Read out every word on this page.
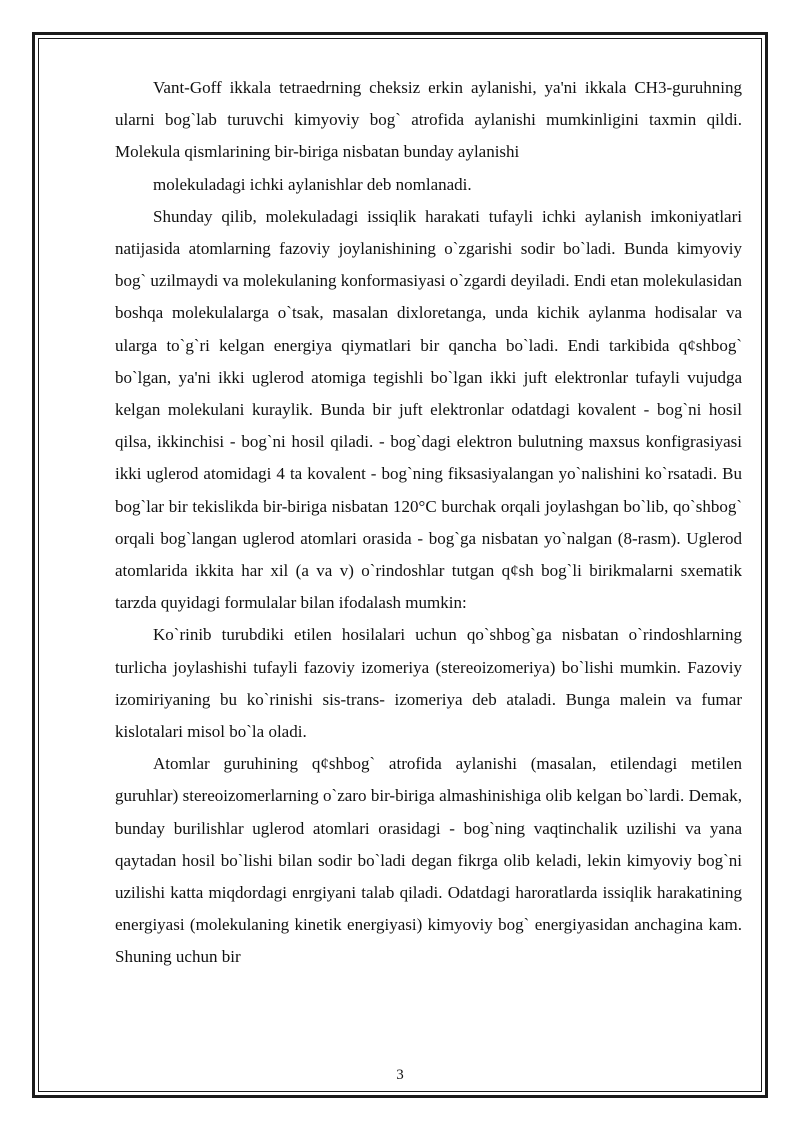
Vant-Goff ikkala tetraedrning cheksiz erkin aylanishi, ya'ni ikkala CH3-guruhning ularni bog`lab turuvchi kimyoviy bog` atrofida aylanishi mumkinligini taxmin qildi. Molekula qismlarining bir-biriga nisbatan bunday aylanishi

molekuladagi ichki aylanishlar deb nomlanadi.

Shunday qilib, molekuladagi issiqlik harakati tufayli ichki aylanish imkoniyatlari natijasida atomlarning fazoviy joylanishining o`zgarishi sodir bo`ladi. Bunda kimyoviy bog` uzilmaydi va molekulaning konformasiyasi o`zgardi deyiladi. Endi etan molekulasidan boshqa molekulalarga o`tsak, masalan dixloretanga, unda kichik aylanma hodisalar va ularga to`g`ri kelgan energiya qiymatlari bir qancha bo`ladi. Endi tarkibida q¢shbog` bo`lgan, ya'ni ikki uglerod atomiga tegishli bo`lgan ikki juft elektronlar tufayli vujudga kelgan molekulani kuraylik. Bunda bir juft elektronlar odatdagi kovalent - bog`ni hosil qilsa, ikkinchisi - bog`ni hosil qiladi. - bog`dagi elektron bulutning maxsus konfigrasiyasi ikki uglerod atomidagi 4 ta kovalent - bog`ning fiksasiyalangan yo`nalishini ko`rsatadi. Bu bog`lar bir tekislikda bir-biriga nisbatan 120°C burchak orqali joylashgan bo`lib, qo`shbog` orqali bog`langan uglerod atomlari orasida - bog`ga nisbatan yo`nalgan (8-rasm). Uglerod atomlarida ikkita har xil (a va v) o`rindoshlar tutgan q¢sh bog`li birikmalarni sxematik tarzda quyidagi formulalar bilan ifodalash mumkin:

Ko`rinib turubdiki etilen hosilalari uchun qo`shbog`ga nisbatan o`rindoshlarning turlicha joylashishi tufayli fazoviy izomeriya (stereoizomeriya) bo`lishi mumkin. Fazoviy izomiriyaning bu ko`rinishi sis-trans- izomeriya deb ataladi. Bunga malein va fumar kislotalari misol bo`la oladi.

Atomlar guruhining q¢shbog` atrofida aylanishi (masalan, etilendagi metilen guruhlar) stereoizomerlarning o`zaro bir-biriga almashinishiga olib kelgan bo`lardi. Demak, bunday burilishlar uglerod atomlari orasidagi - bog`ning vaqtinchalik uzilishi va yana qaytadan hosil bo`lishi bilan sodir bo`ladi degan fikrga olib keladi, lekin kimyoviy bog`ni uzilishi katta miqdordagi enrgiyani talab qiladi. Odatdagi haroratlarda issiqlik harakatining energiyasi (molekulaning kinetik energiyasi) kimyoviy bog` energiyasidan anchagina kam. Shuning uchun bir

3
